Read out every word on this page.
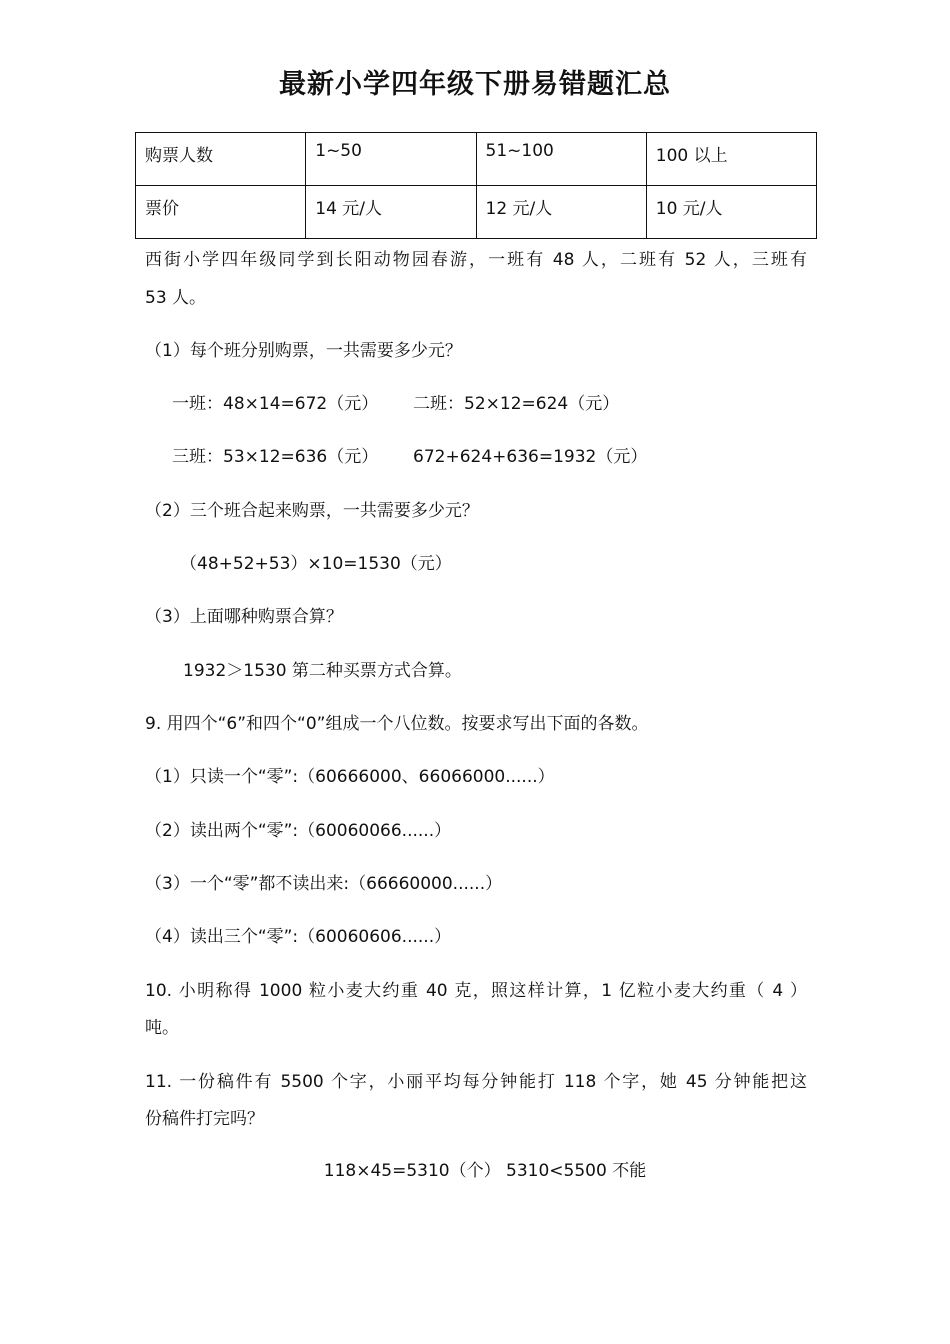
最新小学四年级下册易错题汇总
购票人数	1~50	51~100	100 以上
票价	14 元/人	12 元/人	10 元/人
西街小学四年级同学到长阳动物园春游，一班有 48 人，二班有 52 人，三班有
53 人。
（1）每个班分别购票，一共需要多少元？
一班：48×14=672（元） 二班：52×12=624（元）
三班：53×12=636（元） 672+624+636=1932（元）
（2）三个班合起来购票，一共需要多少元？
（48+52+53）×10=1530（元）
（3）上面哪种购票合算？
1932＞1530 第二种买票方式合算。
9. 用四个“6”和四个“0”组成一个八位数。按要求写出下面的各数。
（1）只读一个“零”:（60666000、66066000......）
（2）读出两个“零”:（60060066......）
（3）一个“零”都不读出来:（66660000......）
（4）读出三个“零”:（60060606......）
10. 小明称得 1000 粒小麦大约重 40 克，照这样计算，1 亿粒小麦大约重（ 4 ）
吨。
11. 一份稿件有 5500 个字，小丽平均每分钟能打 118 个字，她 45 分钟能把这
份稿件打完吗？
118×45=5310（个） 5310<5500 不能
